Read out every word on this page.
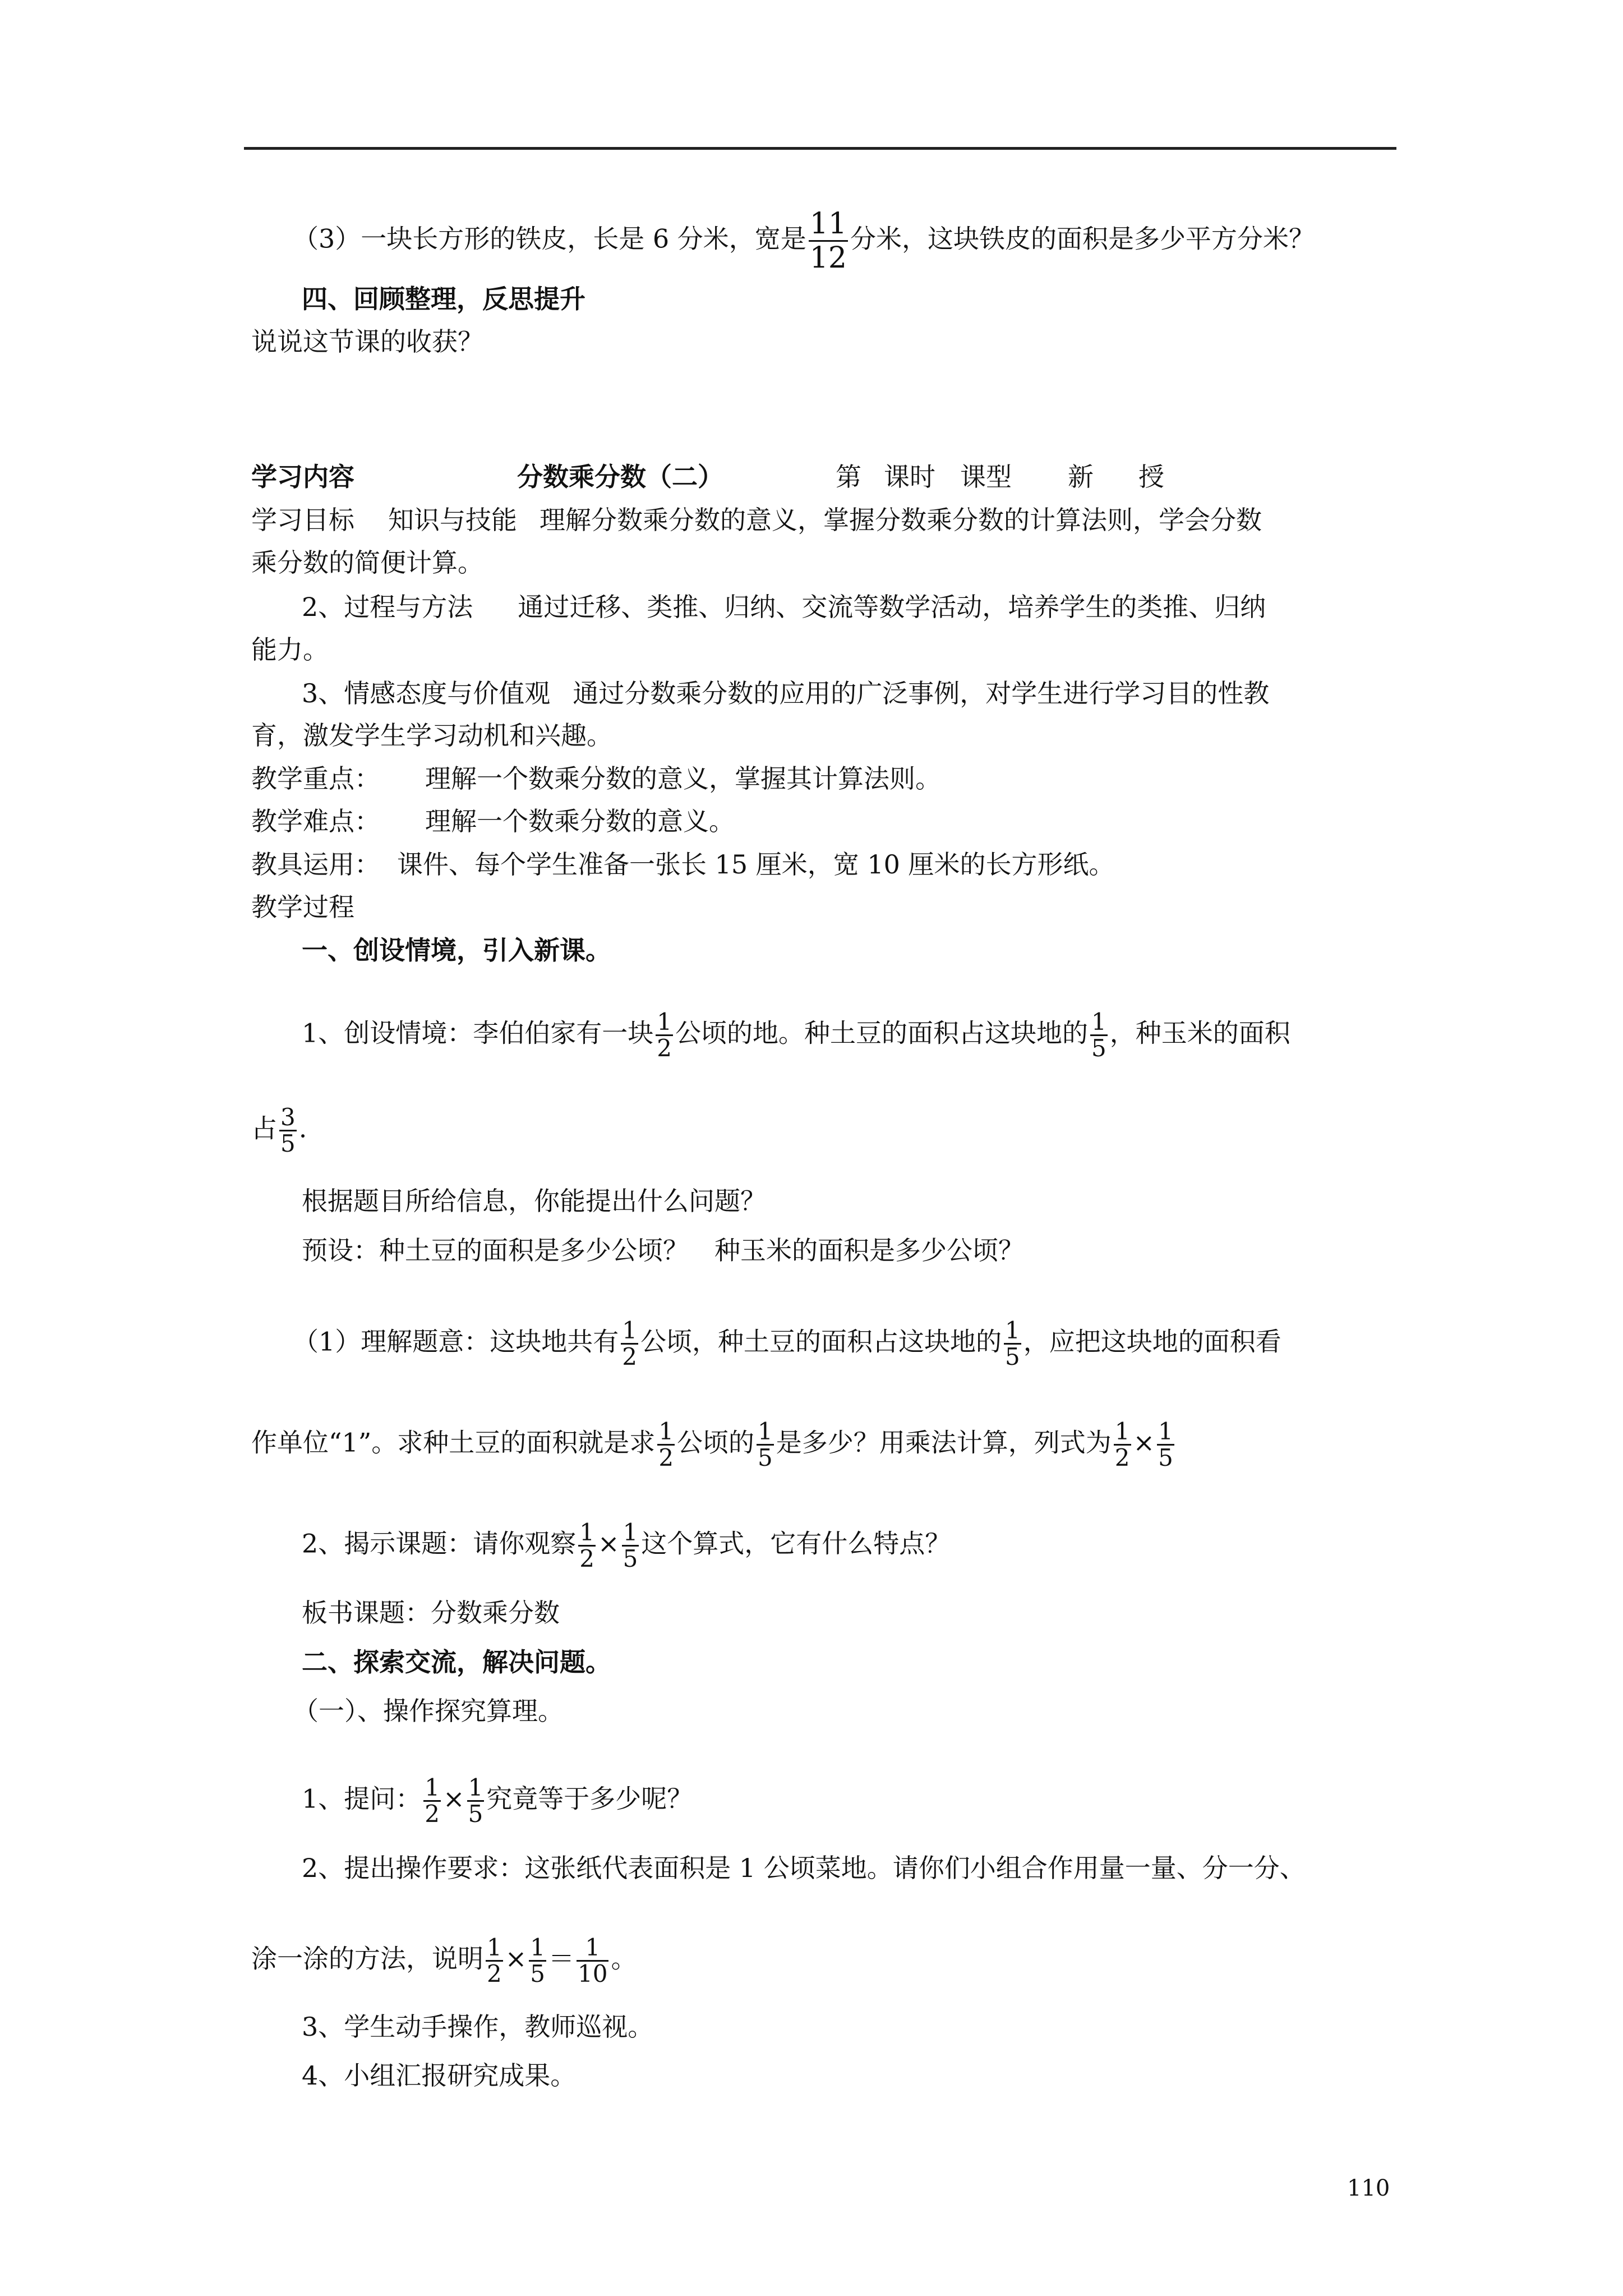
（3）一块长方形的铁皮，长是 6 分米，宽是 $\frac{11}{12}$ 分米，这块铁皮的面积是多少平方分米？
四、回顾整理，反思提升
说说这节课的收获？
学习内容	分数乘分数（二）	第 课时 课型 新 授
学习目标 知识与技能 理解分数乘分数的意义，掌握分数乘分数的计算法则，学会分数
乘分数的简便计算。
2、过程与方法 通过迁移、类推、归纳、交流等数学活动，培养学生的类推、归纳
能力。
3、情感态度与价值观 通过分数乘分数的应用的广泛事例，对学生进行学习目的性教
育，激发学生学习动机和兴趣。
教学重点： 理解一个数乘分数的意义，掌握其计算法则。
教学难点： 理解一个数乘分数的意义。
教具运用： 课件、每个学生准备一张长 15 厘米，宽 10 厘米的长方形纸。
教学过程
一、创设情境，引入新课。
1、创设情境：李伯伯家有一块 $\frac{1}{2}$ 公顷的地。种土豆的面积占这块地的 $\frac{1}{5}$ ，种玉米的面积
占 $\frac{3}{5}$ .
根据题目所给信息，你能提出什么问题？
预设：种土豆的面积是多少公顷？　种玉米的面积是多少公顷？
（1）理解题意：这块地共有 $\frac{1}{2}$ 公顷，种土豆的面积占这块地的 $\frac{1}{5}$ ，应把这块地的面积看
作单位“1”。求种土豆的面积就是求 $\frac{1}{2}$ 公顷的 $\frac{1}{5}$ 是多少？用乘法计算，列式为 $\frac{1}{2} \times \frac{1}{5}$
2、揭示课题：请你观察 $\frac{1}{2} \times \frac{1}{5}$ 这个算式，它有什么特点？
板书课题：分数乘分数
二、探索交流，解决问题。
（一）、操作探究算理。
1、提问： $\frac{1}{2} \times \frac{1}{5}$ 究竟等于多少呢？
2、提出操作要求：这张纸代表面积是 1 公顷菜地。请你们小组合作用量一量、分一分、
涂一涂的方法，说明 $\frac{1}{2} \times \frac{1}{5} = \frac{1}{10}$ 。
3、学生动手操作，教师巡视。
4、小组汇报研究成果。
110
